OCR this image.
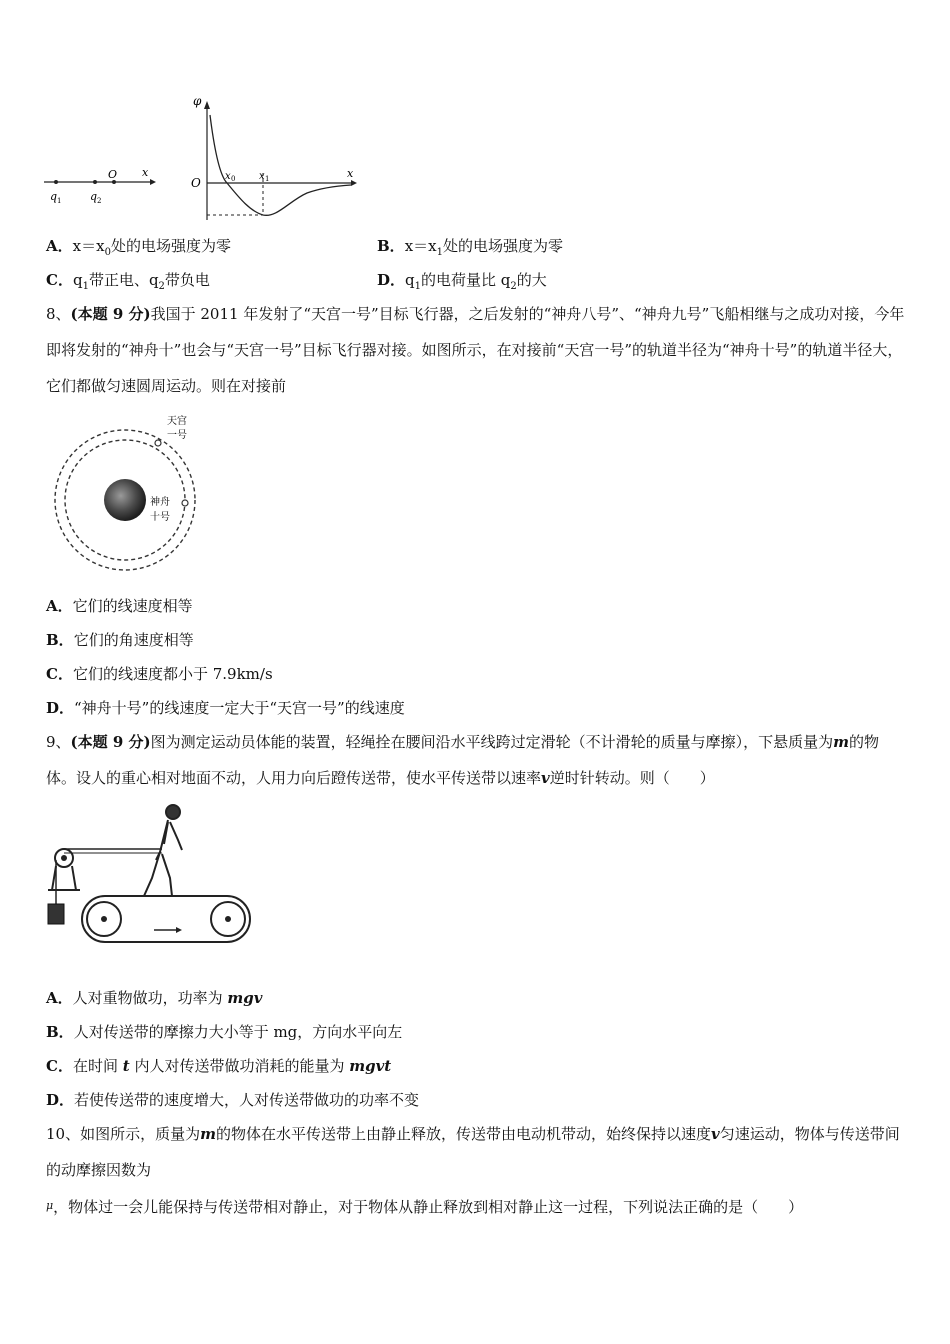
q 1	q 2
O x
φ
O x 0 x 1	x
A．$x=x_0$处的电场强度为零	B．$x=x_1$处的电场强度为零
C．$q_1$带正电、$q_2$带负电	D．$q_1$的电荷量比 $q_2$的大
8、(本题 9 分)我国于 2011 年发射了“天宫一号”目标飞行器，之后发射的“神舟八号”、“神舟九号”飞船相继与之成功对接，今年即将发射的“神舟十”也会与“天宫一号”目标飞行器对接。如图所示，在对接前“天宫一号”的轨道半径为“神舟十号”的轨道半径大，它们都做匀速圆周运动。则在对接前
天宫
一号
神舟
十号
A．它们的线速度相等
B．它们的角速度相等
C．它们的线速度都小于 7.9km/s
D．“神舟十号”的线速度一定大于“天宫一号”的线速度
9、(本题 9 分)图为测定运动员体能的装置，轻绳拴在腰间沿水平线跨过定滑轮（不计滑轮的质量与摩擦），下悬质量为m的物体。设人的重心相对地面不动，人用力向后蹬传送带，使水平传送带以速率v逆时针转动。则（　　）
A．人对重物做功，功率为 mgv
B．人对传送带的摩擦力大小等于 mg，方向水平向左
C．在时间 t 内人对传送带做功消耗的能量为 mgvt
D．若使传送带的速度增大，人对传送带做功的功率不变
10、如图所示，质量为m的物体在水平传送带上由静止释放，传送带由电动机带动，始终保持以速度v匀速运动，物体与传送带间的动摩擦因数为$^\mu$，物体过一会儿能保持与传送带相对静止，对于物体从静止释放到相对静止这一过程，下列说法正确的是（　　）
